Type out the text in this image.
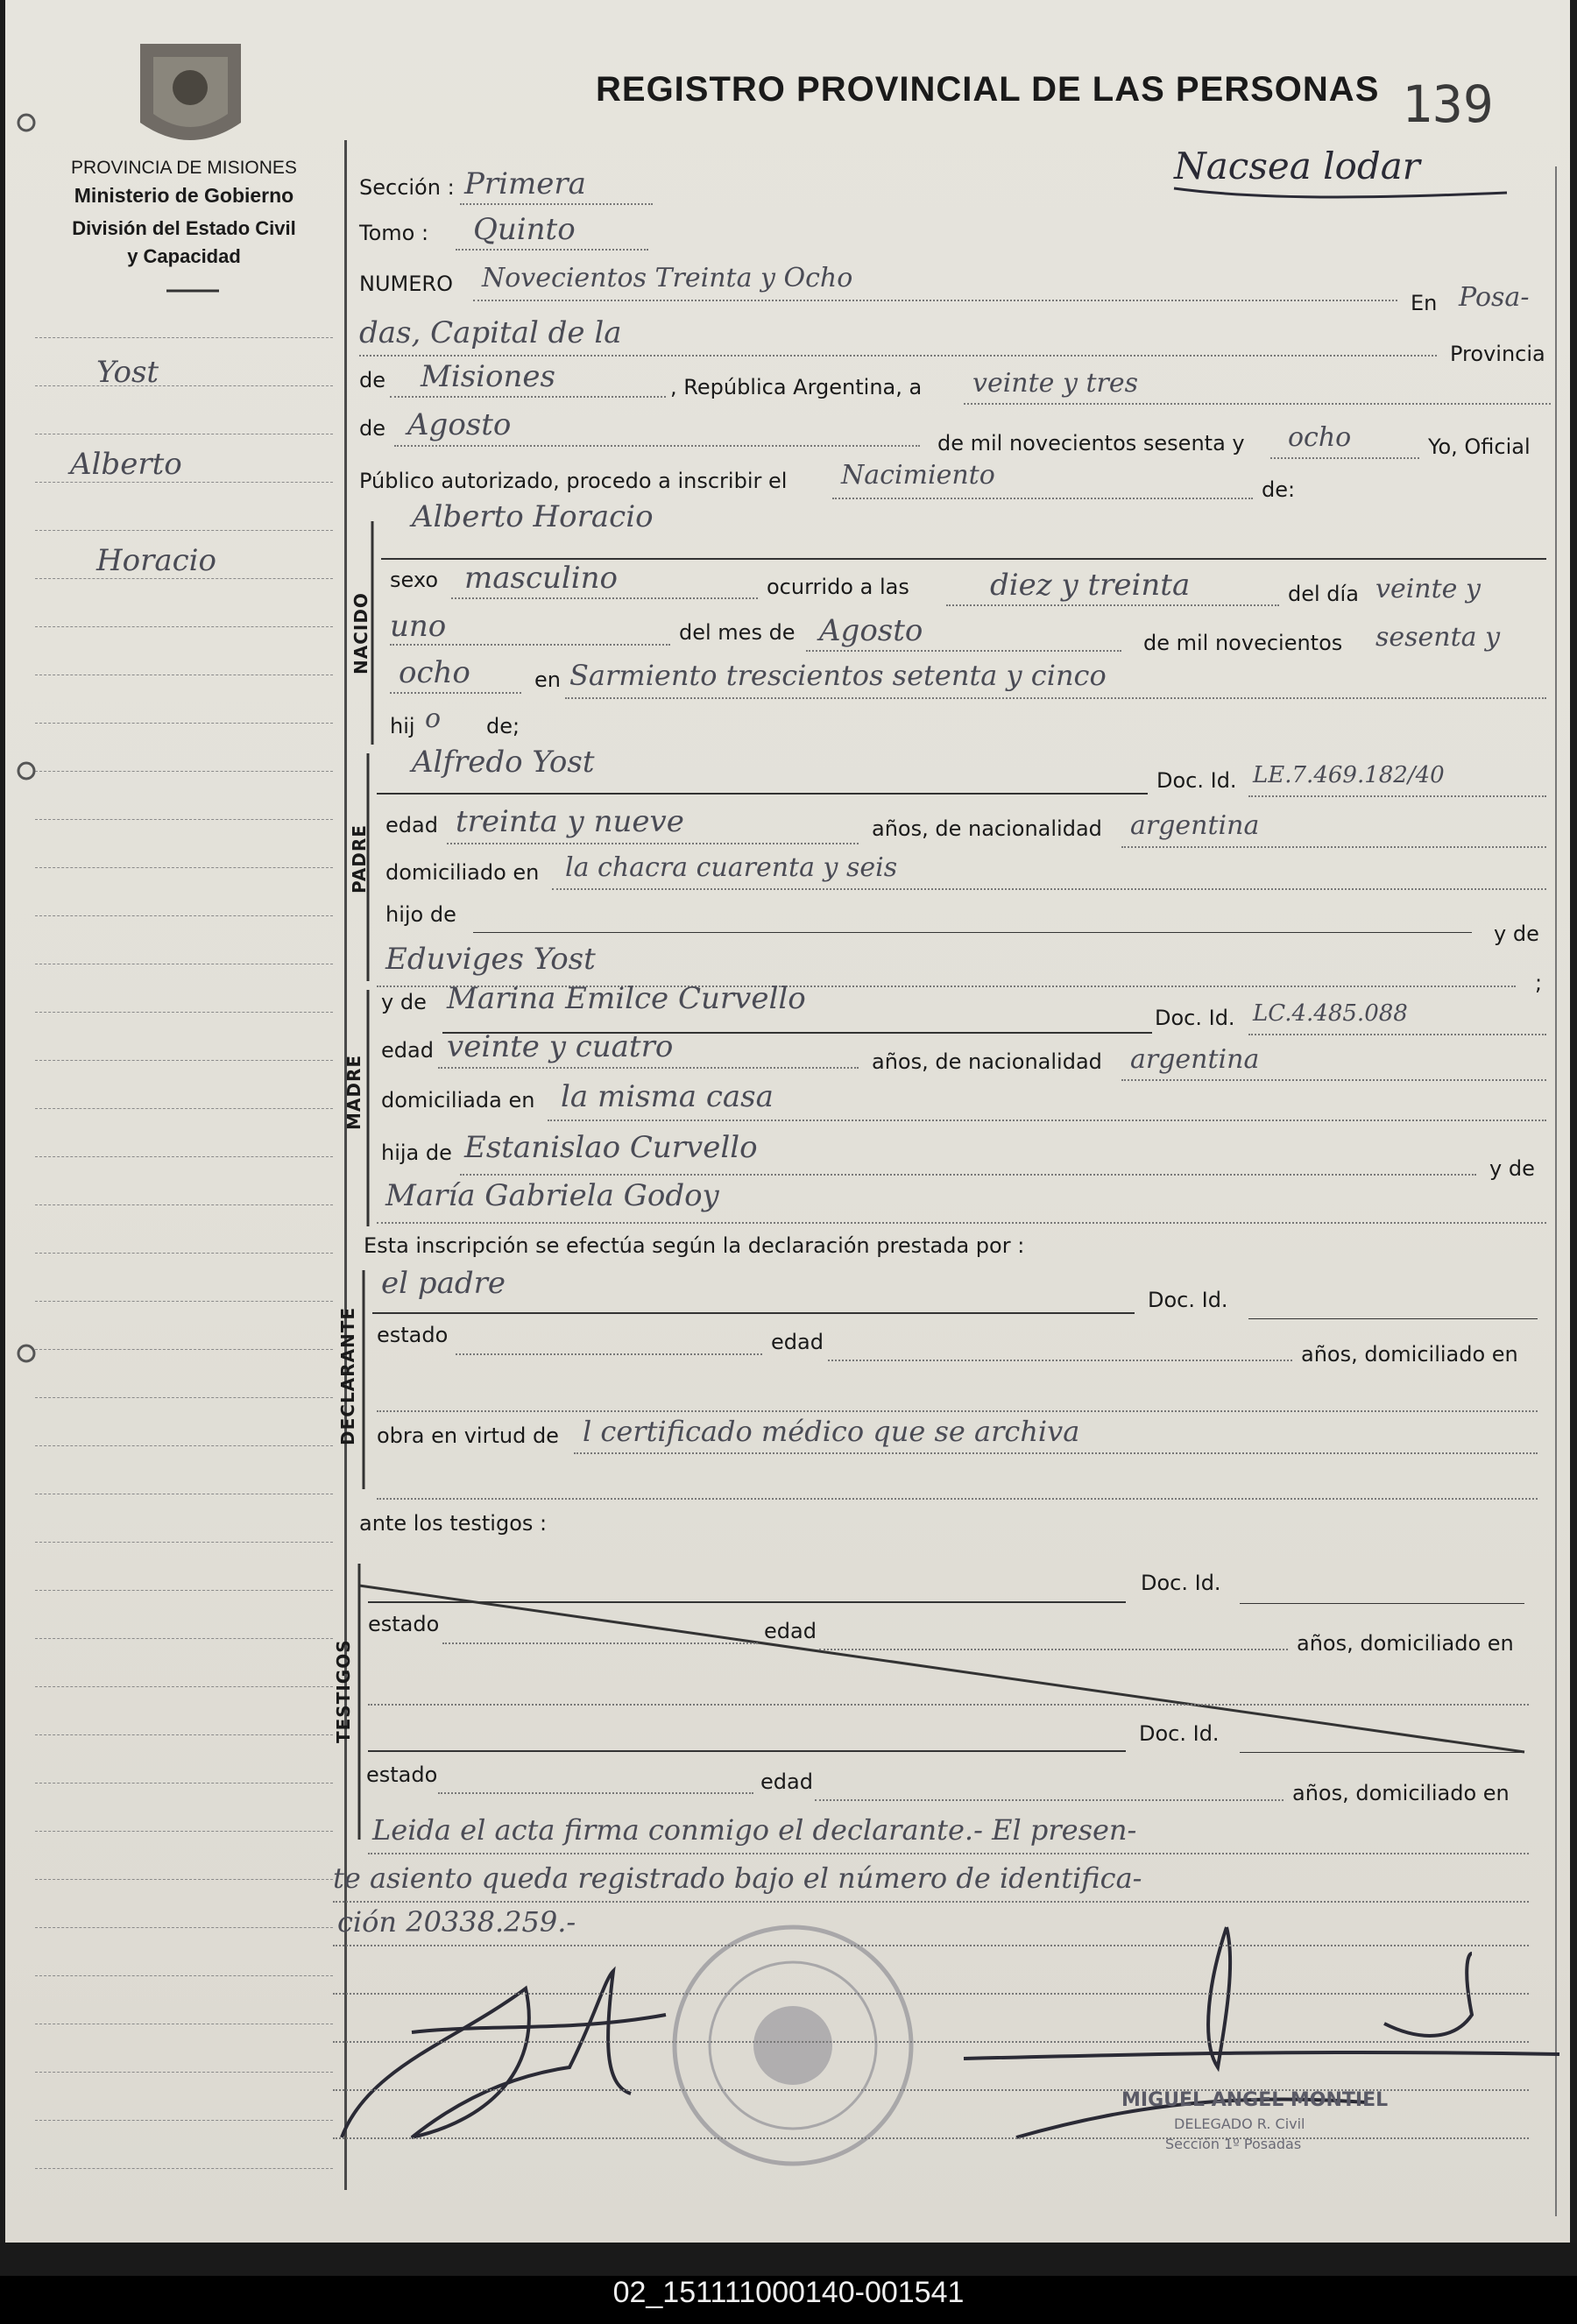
REGISTRO PROVINCIAL DE LAS PERSONAS 139
Nacsea lodar
PROVINCIA DE MISIONES
Ministerio de Gobierno
División del Estado Civil
y Capacidad
Yost
Alberto
Horacio
Sección : Primera
Tomo : Quinto
NUMERO Novecientos Treinta y Ocho
En Posa-
das, Capital de la
Provincia
de Misiones	, República Argentina, a veinte y tres
de Agosto
de mil novecientos sesenta y ocho	Yo, Oficial
Público autorizado, procedo a inscribir el Nacimiento	de:
NACIDO
Alberto Horacio
sexo masculino	ocurrido a las	diez y treinta	del día veinte y
uno	del mes de Agosto	de mil novecientos sesenta y
ocho	en Sarmiento trescientos setenta y cinco
hij o de;
PADRE
Alfredo Yost
Doc. Id. LE.7.469.182/40
edad treinta y nueve	años, de nacionalidad argentina
domiciliado en la chacra cuarenta y seis
hijo de
y de
Eduviges Yost
;
MADRE
y de Marina Emilce Curvello
Doc. Id. LC.4.485.088
edad veinte y cuatro	años, de nacionalidad argentina
domiciliada en la misma casa
hija de Estanislao Curvello
y de
María Gabriela Godoy
Esta inscripción se efectúa según la declaración prestada por :
DECLARANTE
el padre	Doc. Id.
estado	edad	años, domiciliado en
obra en virtud de l certificado médico que se archiva
ante los testigos :
TESTIGOS
Doc. Id.
estado	edad	años, domiciliado en
Doc. Id.
estado	edad	años, domiciliado en
Leida el acta firma conmigo el declarante.- El presen-
te asiento queda registrado bajo el número de identifica-
ción 20338.259.-
MIGUEL ANGEL MONTIEL
DELEGADO R. Civil
Sección 1º Posadas
02_151111000140-001541
